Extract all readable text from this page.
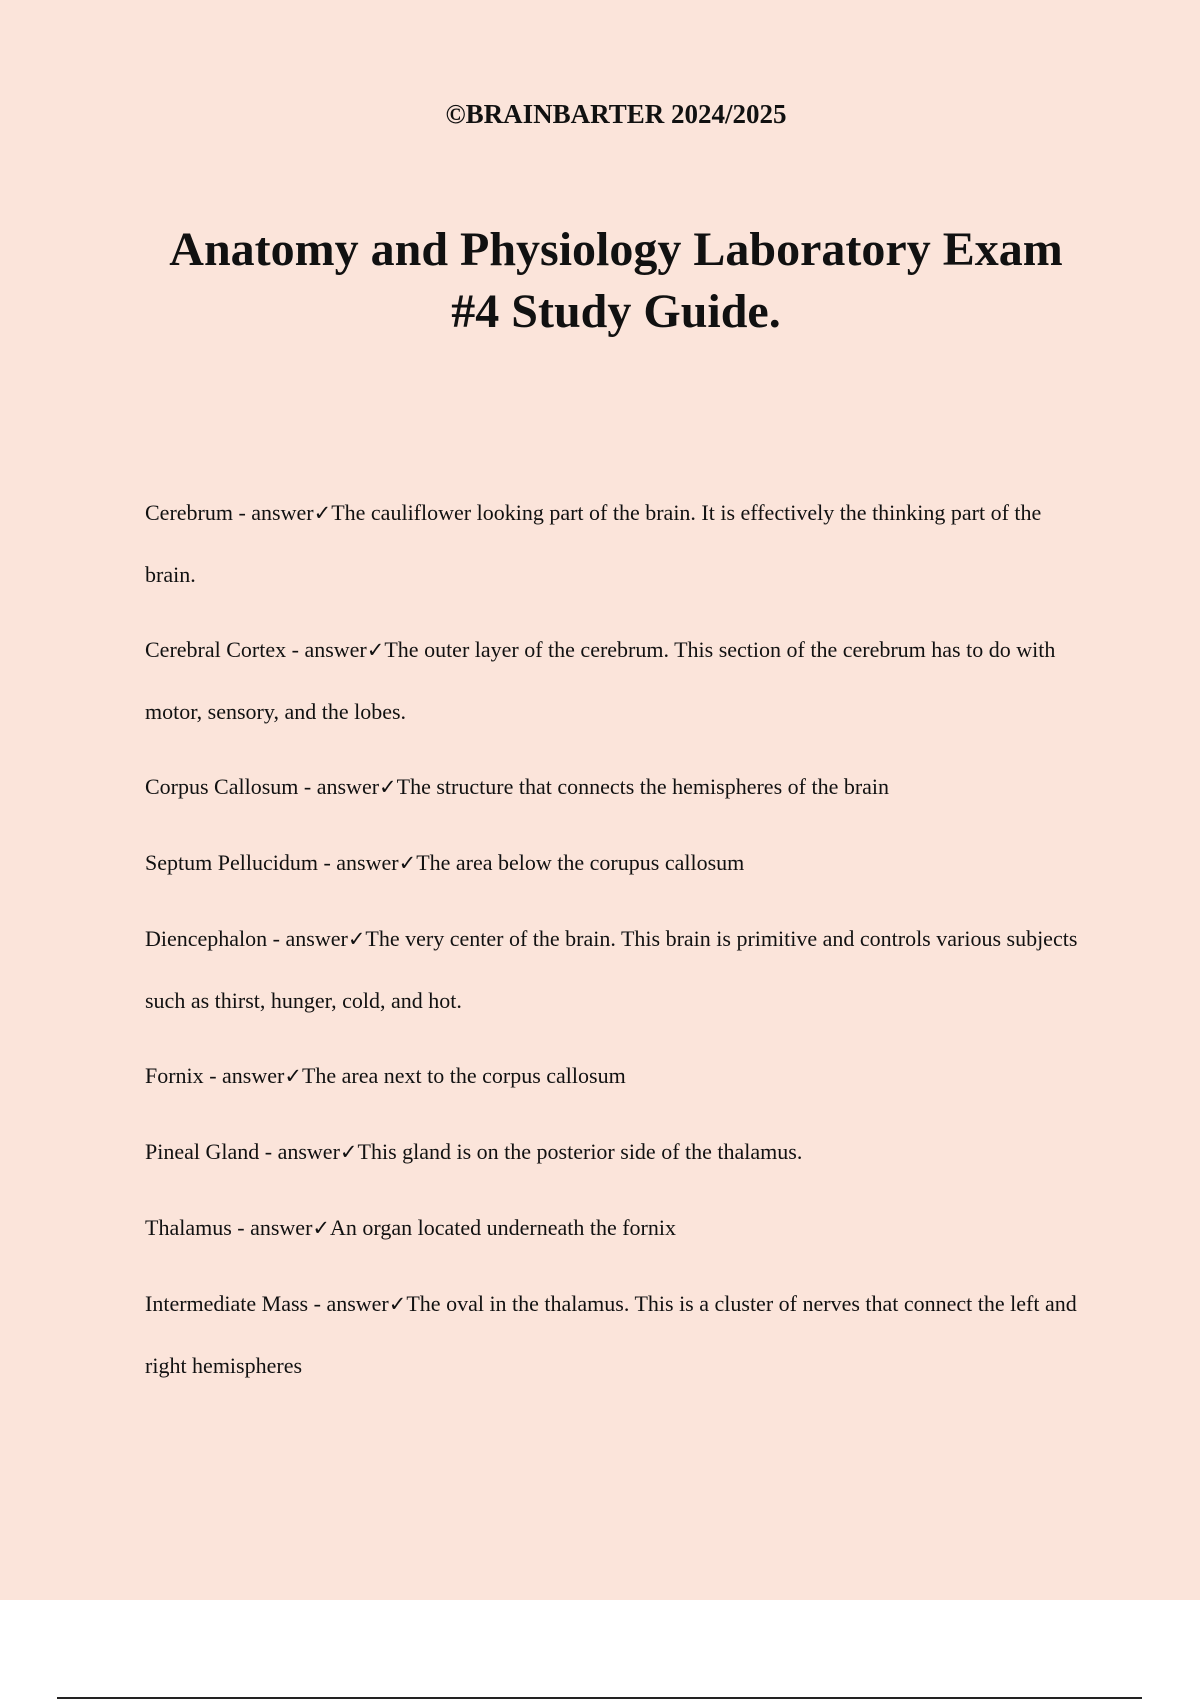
©BRAINBARTER 2024/2025
Anatomy and Physiology Laboratory Exam #4 Study Guide.
Cerebrum - answer✓The cauliflower looking part of the brain. It is effectively the thinking part of the brain.
Cerebral Cortex - answer✓The outer layer of the cerebrum. This section of the cerebrum has to do with motor, sensory, and the lobes.
Corpus Callosum - answer✓The structure that connects the hemispheres of the brain
Septum Pellucidum - answer✓The area below the corupus callosum
Diencephalon - answer✓The very center of the brain. This brain is primitive and controls various subjects such as thirst, hunger, cold, and hot.
Fornix - answer✓The area next to the corpus callosum
Pineal Gland - answer✓This gland is on the posterior side of the thalamus.
Thalamus - answer✓An organ located underneath the fornix
Intermediate Mass - answer✓The oval in the thalamus. This is a cluster of nerves that connect the left and right hemispheres
